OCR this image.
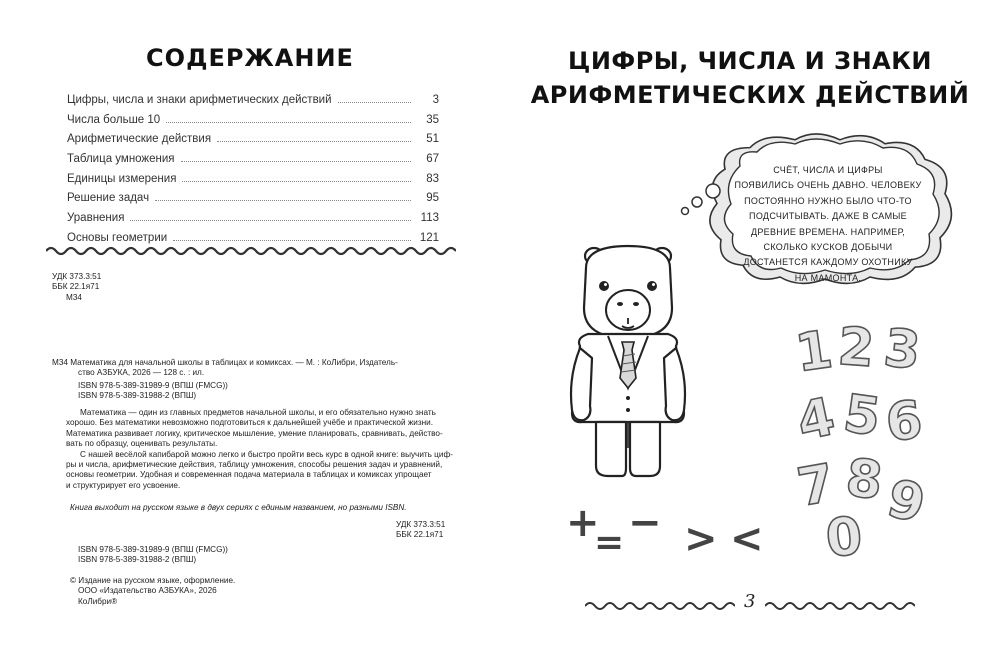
СОДЕРЖАНИЕ
Цифры, числа и знаки арифметических действий	3
Числа больше 10	35
Арифметические действия	51
Таблица умножения	67
Единицы измерения	83
Решение задач	95
Уравнения	113
Основы геометрии	121
УДК 373.3:51
ББК 22.1я71
М34
М34 Математика для начальной школы в таблицах и комиксах. — М. : КоЛибри, Издатель-
ство АЗБУКА, 2026 — 128 с. : ил.
ISBN 978-5-389-31989-9 (ВПШ (FMCG))
ISBN 978-5-389-31988-2 (ВПШ)
Математика — один из главных предметов начальной школы, и его обязательно нужно знать
хорошо. Без математики невозможно подготовиться к дальнейшей учёбе и практической жизни.
Математика развивает логику, критическое мышление, умение планировать, сравнивать, действо-
вать по образцу, оценивать результаты.
С нашей весёлой капибарой можно легко и быстро пройти весь курс в одной книге: выучить циф-
ры и числа, арифметические действия, таблицу умножения, способы решения задач и уравнений,
основы геометрии. Удобная и современная подача материала в таблицах и комиксах упрощает
и структурирует его усвоение.
Книга выходит на русском языке в двух сериях с единым названием, но разными ISBN.
УДК 373.3:51
ББК 22.1я71
ISBN 978-5-389-31989-9 (ВПШ (FMCG))
ISBN 978-5-389-31988-2 (ВПШ)
© Издание на русском языке, оформление.
ООО «Издательство АЗБУКА», 2026
КоЛибри®
ЦИФРЫ, ЧИСЛА И ЗНАКИ
АРИФМЕТИЧЕСКИХ ДЕЙСТВИЙ
СЧЁТ, ЧИСЛА И ЦИФРЫ
ПОЯВИЛИСЬ ОЧЕНЬ ДАВНО. ЧЕЛОВЕКУ
ПОСТОЯННО НУЖНО БЫЛО ЧТО-ТО
ПОДСЧИТЫВАТЬ. ДАЖЕ В САМЫЕ
ДРЕВНИЕ ВРЕМЕНА. НАПРИМЕР,
СКОЛЬКО КУСКОВ ДОБЫЧИ
ДОСТАНЕТСЯ КАЖДОМУ ОХОТНИКУ
НА МАМОНТА.
1 2 3
4 5
6
7 8
9
0
+
= − > <
3
